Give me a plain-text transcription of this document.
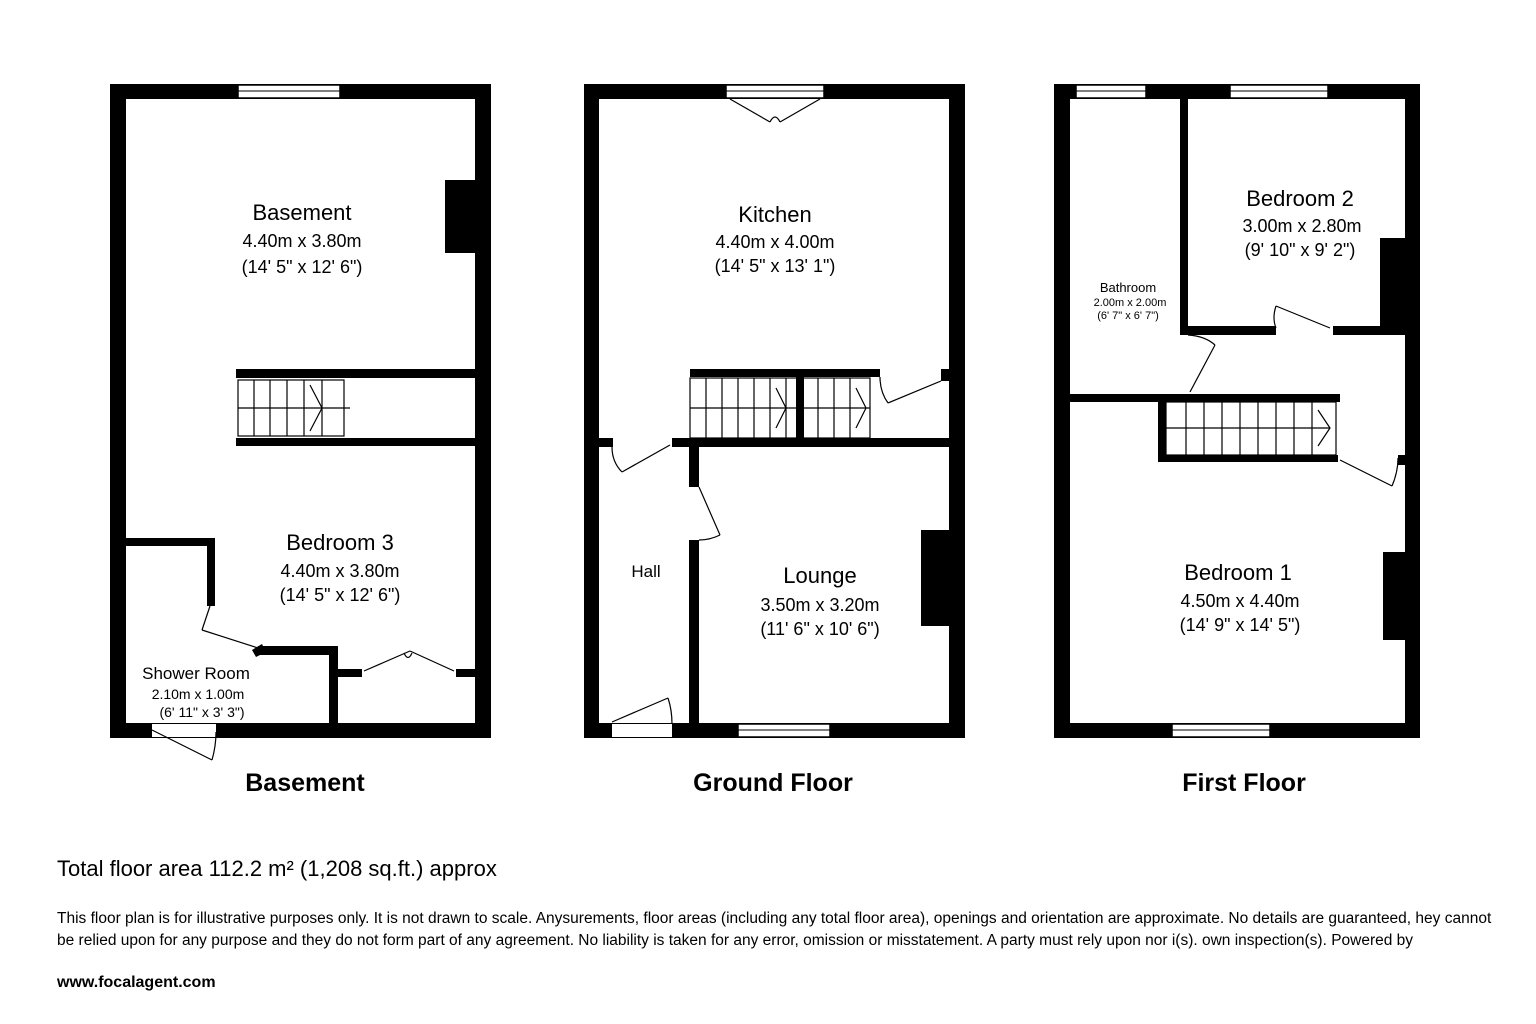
Basement
4.40m x 3.80m
(14' 5" x 12' 6")
Bedroom 3
4.40m x 3.80m
(14' 5" x 12' 6")
Shower Room
2.10m x 1.00m
(6' 11" x 3' 3")
Basement
Kitchen
4.40m x 4.00m
(14' 5" x 13' 1")
Hall	Lounge
3.50m x 3.20m
(11' 6" x 10' 6")
Ground Floor
Bathroom
2.00m x 2.00m
(6' 7" x 6' 7")
Bedroom 2
3.00m x 2.80m
(9' 10" x 9' 2")
Bedroom 1
4.50m x 4.40m
(14' 9" x 14' 5")
First Floor

Total floor area 112.2 m² (1,208 sq.ft.) approx

This floor plan is for illustrative purposes only. It is not drawn to scale. Anysurements, floor areas (including any total floor area), openings and orientation are approximate. No details are guaranteed, hey cannot be relied upon for any purpose and they do not form part of any agreement. No liability is taken for any error, omission or misstatement. A party must rely upon nor i(s). own inspection(s). Powered by

www.focalagent.com
